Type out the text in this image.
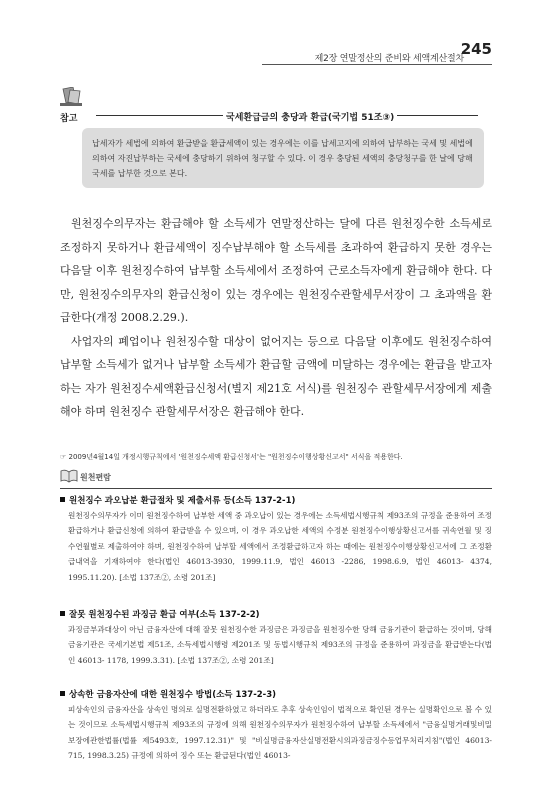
제2장 연말정산의 준비와 세액계산절차
245
참고	국세환급금의 충당과 환급(국기법 51조③)
납세자가 세법에 의하여 환급받을 환급세액이 있는 경우에는 이를 납세고지에 의하여 납부하는 국세 및 세법에 의하여 자진납부하는 국세에 충당하기 위하여 청구할 수 있다. 이 경우 충당된 세액의 충당청구를 한 날에 당해 국세를 납부한 것으로 본다.

원천징수의무자는 환급해야 할 소득세가 연말정산하는 달에 다른 원천징수한 소득세로 조정하지 못하거나 환급세액이 징수납부해야 할 소득세를 초과하여 환급하지 못한 경우는 다음달 이후 원천징수하여 납부할 소득세에서 조정하여 근로소득자에게 환급해야 한다. 다만, 원천징수의무자의 환급신청이 있는 경우에는 원천징수관할세무서장이 그 초과액을 환급한다(개정 2008.2.29.).

사업자의 폐업이나 원천징수할 대상이 없어지는 등으로 다음달 이후에도 원천징수하여 납부할 소득세가 없거나 납부할 소득세가 환급할 금액에 미달하는 경우에는 환급을 받고자 하는 자가 원천징수세액환급신청서(별지 제21호 서식)를 원천징수 관할세무서장에게 제출해야 하며 원천징수 관할세무서장은 환급해야 한다.

☞ 2009년4월14일 개정시행규칙에서 '원천징수세액 환급신청서'는 "원천징수이행상황신고서" 서식을 적용한다.
원천편람
원천징수 과오납분 환급절차 및 제출서류 등(소득 137-2-1)
원천징수의무자가 이미 원천징수하여 납부한 세액 중 과오납이 있는 경우에는 소득세법시행규칙 제93조의 규정을 준용하여 조정환급하거나 환급신청에 의하여 환급받을 수 있으며, 이 경우 과오납한 세액의 수정분 원천징수이행상황신고서를 귀속연월 및 징수연월별로 제출하여야 하며, 원천징수하여 납부할 세액에서 조정환급하고자 하는 때에는 원천징수이행상황신고서에 그 조정환급내역을 기재하여야 한다(법인 46013-3930, 1999.11.9, 법인 46013 -2286, 1998.6.9, 법인 46013- 4374, 1995.11.20). [소법 137조②, 소령 201조]
잘못 원천징수된 과징금 환급 여부(소득 137-2-2)
과징금부과대상이 아닌 금융자산에 대해 잘못 원천징수한 과징금은 과징금을 원천징수한 당해 금융기관이 환급하는 것이며, 당해 금융기관은 국세기본법 제51조, 소득세법시행령 제201조 및 동법시행규칙 제93조의 규정을 준용하여 과징금을 환급받는다(법인 46013- 1178, 1999.3.31). [소법 137조②, 소령 201조]
상속한 금융자산에 대한 원천징수 방법(소득 137-2-3)
피상속인의 금융자산을 상속인 명의로 실명전환하였고 하더라도 추후 상속인임이 법적으로 확인된 경우는 실명확인으로 볼 수 있는 것이므로 소득세법시행규칙 제93조의 규정에 의해 원천징수의무자가 원천징수하여 납부할 소득세에서 "금융실명거래및비밀보장에관한법률(법률 제5493호, 1997.12.31)" 및 "비실명금융자산실명전환시의과징금징수등업무처리지침"(법인 46013- 715, 1998.3.25) 규정에 의하여 징수 또는 환급된다(법인 46013-
